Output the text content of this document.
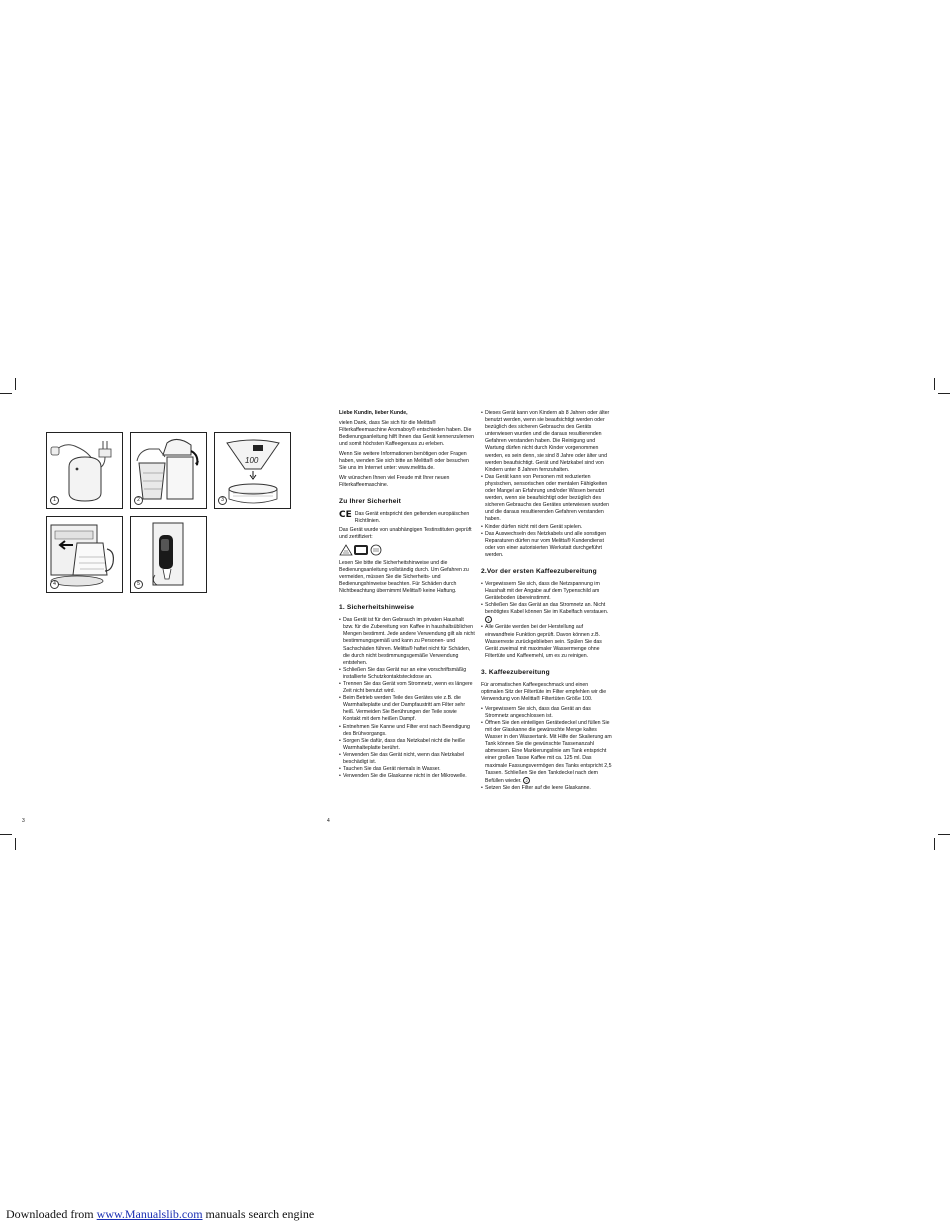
1	2
100
3
4	5
3	4

Liebe Kundin, lieber Kunde,

vielen Dank, dass Sie sich für die Melitta® Filterkaffeemaschine Aromaboy® entschieden haben. Die Bedienungsanleitung hilft Ihnen das Gerät kennenzulernen und somit höchsten Kaffeegenuss zu erleben.

Wenn Sie weitere Informationen benötigen oder Fragen haben, wenden Sie sich bitte an Melitta® oder besuchen Sie uns im Internet unter: www.melitta.de.

Wir wünschen Ihnen viel Freude mit Ihrer neuen Filterkaffeemaschine.

Zu Ihrer Sicherheit
CE Das Gerät entspricht den geltenden europäischen Richtlinien.

Das Gerät wurde von unabhängigen Testinstituten geprüft und zertifiziert:

Lesen Sie bitte die Sicherheitshinweise und die Bedienungsanleitung vollständig durch. Um Gefahren zu vermeiden, müssen Sie die Sicherheits- und Bedienungshinweise beachten. Für Schäden durch Nichtbeachtung übernimmt Melitta® keine Haftung.

1. Sicherheitshinweise
• Das Gerät ist für den Gebrauch im privaten Haushalt bzw. für die Zubereitung von Kaffee in haushaltsüblichen Mengen bestimmt. Jede andere Verwendung gilt als nicht bestimmungsgemäß und kann zu Personen- und Sachschäden führen. Melitta® haftet nicht für Schäden, die durch nicht bestimmungsgemäße Verwendung entstehen.
• Schließen Sie das Gerät nur an eine vorschriftsmäßig installierte Schutzkontaktsteckdose an.
• Trennen Sie das Gerät vom Stromnetz, wenn es längere Zeit nicht benutzt wird.
• Beim Betrieb werden Teile des Gerätes wie z.B. die Warmhalteplatte und der Dampfaustritt am Filter sehr heiß. Vermeiden Sie Berührungen der Teile sowie Kontakt mit dem heißen Dampf.
• Entnehmen Sie Kanne und Filter erst nach Beendigung des Brühvorgangs.
• Sorgen Sie dafür, dass das Netzkabel nicht die heiße Warmhalteplatte berührt.
• Verwenden Sie das Gerät nicht, wenn das Netzkabel beschädigt ist.
• Tauchen Sie das Gerät niemals in Wasser.
• Verwenden Sie die Glaskanne nicht in der Mikrowelle.
• Dieses Gerät kann von Kindern ab 8 Jahren oder älter benutzt werden, wenn sie beaufsichtigt werden oder bezüglich des sicheren Gebrauchs des Geräts unterwiesen wurden und die daraus resultierenden Gefahren verstanden haben. Die Reinigung und Wartung dürfen nicht durch Kinder vorgenommen werden, es sein denn, sie sind 8 Jahre oder älter und werden beaufsichtigt. Gerät und Netzkabel sind von Kindern unter 8 Jahren fernzuhalten.
• Das Gerät kann von Personen mit reduzierten physischen, sensorischen oder mentalen Fähigkeiten oder Mangel an Erfahrung und/oder Wissen benutzt werden, wenn sie beaufsichtigt oder bezüglich des sicheren Gebrauchs des Gerätes unterwiesen wurden und die daraus resultierenden Gefahren verstanden haben.
• Kinder dürfen nicht mit dem Gerät spielen.
• Das Auswechseln des Netzkabels und alle sonstigen Reparaturen dürfen nur vom Melitta® Kundendienst oder von einer autorisierten Werkstatt durchgeführt werden.
2.Vor der ersten Kaffeezubereitung
• Vergewissern Sie sich, dass die Netzspannung im Haushalt mit der Angabe auf dem Typenschild am Geräteboden übereinstimmt.
• Schließen Sie das Gerät an das Stromnetz an. Nicht benötigtes Kabel können Sie im Kabelfach verstauen. 1
• Alle Geräte werden bei der Herstellung auf einwandfreie Funktion geprüft. Davon können z.B. Wasserreste zurückgeblieben sein. Spülen Sie das Gerät zweimal mit maximaler Wassermenge ohne Filtertüte und Kaffeemehl, um es zu reinigen.
3. Kaffeezubereitung

Für aromatischen Kaffeegeschmack und einen optimalen Sitz der Filtertüte im Filter empfehlen wir die Verwendung von Melitta® Filtertüten Größe 100.

• Vergewissern Sie sich, dass das Gerät an das Stromnetz angeschlossen ist.
• Öffnen Sie den einteiligen Gerätedeckel und füllen Sie mit der Glaskanne die gewünschte Menge kaltes Wasser in den Wassertank. Mit Hilfe der Skalierung am Tank können Sie die gewünschte Tassenanzahl abmessen. Eine Markierungslinie am Tank entspricht einer großen Tasse Kaffee mit ca. 125 ml. Das maximale Fassungsvermögen des Tanks entspricht 2,5 Tassen. Schließen Sie den Tankdeckel nach dem Befüllen wieder. 2
• Setzen Sie den Filter auf die leere Glaskanne.
Downloaded from www.Manualslib.com manuals search engine
